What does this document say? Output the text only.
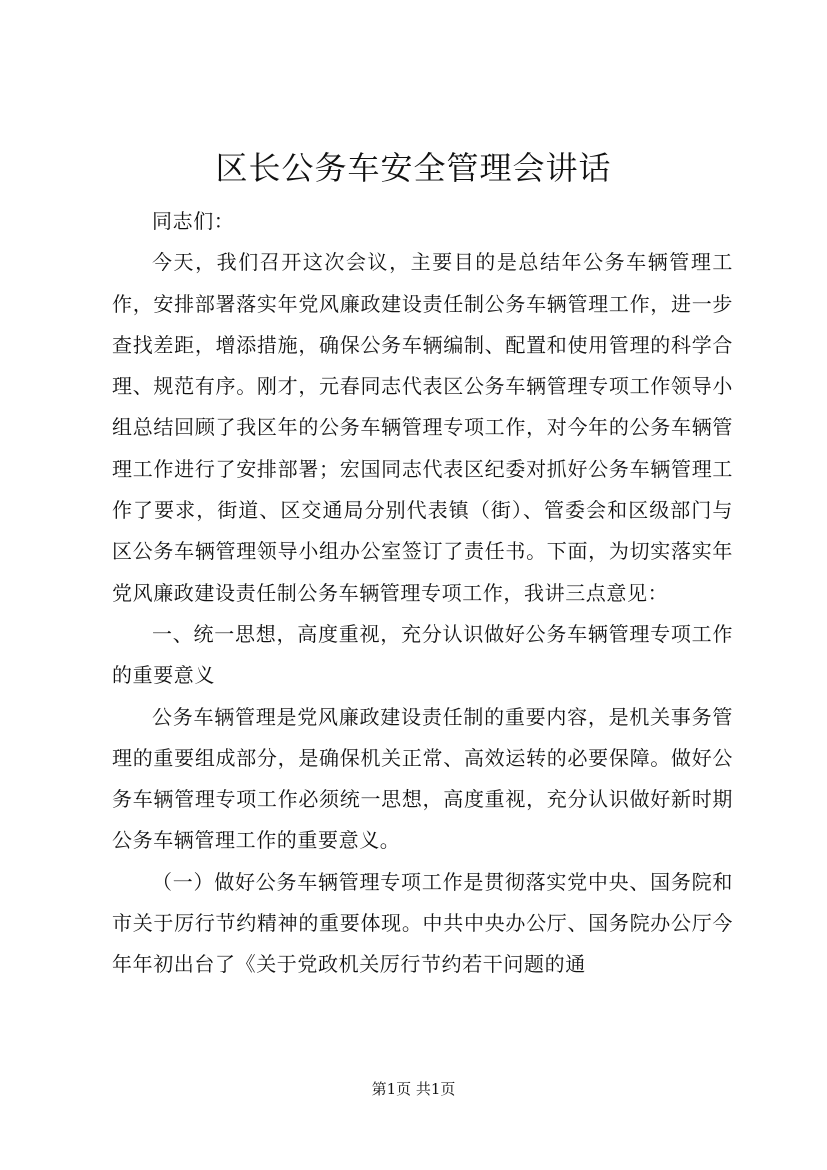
区长公务车安全管理会讲话

同志们：

今天，我们召开这次会议，主要目的是总结年公务车辆管理工作，安排部署落实年党风廉政建设责任制公务车辆管理工作，进一步查找差距，增添措施，确保公务车辆编制、配置和使用管理的科学合理、规范有序。刚才，元春同志代表区公务车辆管理专项工作领导小组总结回顾了我区年的公务车辆管理专项工作，对今年的公务车辆管理工作进行了安排部署；宏国同志代表区纪委对抓好公务车辆管理工作了要求，街道、区交通局分别代表镇（街）、管委会和区级部门与区公务车辆管理领导小组办公室签订了责任书。下面，为切实落实年党风廉政建设责任制公务车辆管理专项工作，我讲三点意见：

一、统一思想，高度重视，充分认识做好公务车辆管理专项工作的重要意义

公务车辆管理是党风廉政建设责任制的重要内容，是机关事务管理的重要组成部分，是确保机关正常、高效运转的必要保障。做好公务车辆管理专项工作必须统一思想，高度重视，充分认识做好新时期公务车辆管理工作的重要意义。

（一）做好公务车辆管理专项工作是贯彻落实党中央、国务院和市关于厉行节约精神的重要体现。中共中央办公厅、国务院办公厅今年年初出台了《关于党政机关厉行节约若干问题的通

第1页 共1页
